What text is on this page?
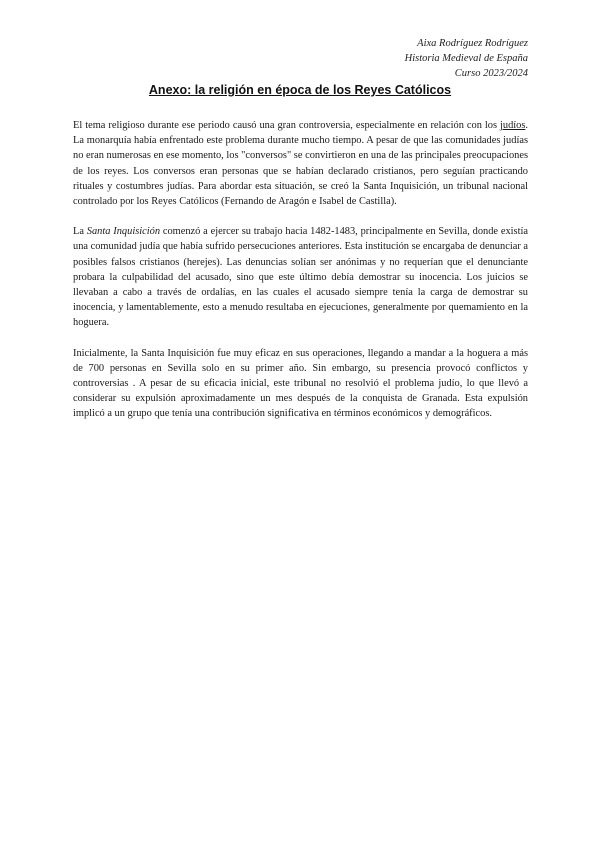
Aixa Rodríguez Rodríguez
Historia Medieval de España
Curso 2023/2024
Anexo: la religión en época de los Reyes Católicos

El tema religioso durante ese periodo causó una gran controversia, especialmente en relación con los judíos. La monarquía había enfrentado este problema durante mucho tiempo. A pesar de que las comunidades judías no eran numerosas en ese momento, los "conversos" se convirtieron en una de las principales preocupaciones de los reyes. Los conversos eran personas que se habían declarado cristianos, pero seguían practicando rituales y costumbres judías. Para abordar esta situación, se creó la Santa Inquisición, un tribunal nacional controlado por los Reyes Católicos (Fernando de Aragón e Isabel de Castilla).

La Santa Inquisición comenzó a ejercer su trabajo hacia 1482-1483, principalmente en Sevilla, donde existía una comunidad judía que había sufrido persecuciones anteriores. Esta institución se encargaba de denunciar a posibles falsos cristianos (herejes). Las denuncias solían ser anónimas y no requerían que el denunciante probara la culpabilidad del acusado, sino que este último debía demostrar su inocencia. Los juicios se llevaban a cabo a través de ordalías, en las cuales el acusado siempre tenía la carga de demostrar su inocencia, y lamentablemente, esto a menudo resultaba en ejecuciones, generalmente por quemamiento en la hoguera.

Inicialmente, la Santa Inquisición fue muy eficaz en sus operaciones, llegando a mandar a la hoguera a más de 700 personas en Sevilla solo en su primer año. Sin embargo, su presencia provocó conflictos y controversias . A pesar de su eficacia inicial, este tribunal no resolvió el problema judío, lo que llevó a considerar su expulsión aproximadamente un mes después de la conquista de Granada. Esta expulsión implicó a un grupo que tenía una contribución significativa en términos económicos y demográficos.
